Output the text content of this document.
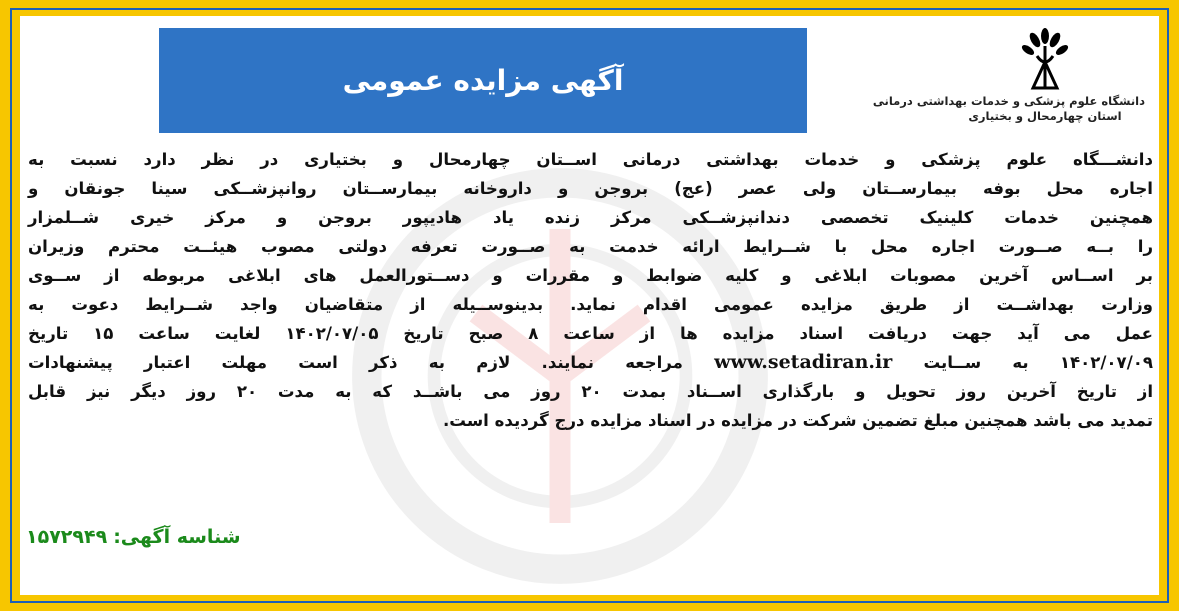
آگهی مزایده عمومی
دانشگاه علوم پزشکی و خدمات بهداشتی درمانی
استان چهارمحال و بختیاری
دانشـــگاه علوم پزشکی و خدمات بهداشتی درمانی اســتان چهارمحال و بختیاری در نظر دارد نسبت به
اجاره محل بوفه بیمارســتان ولی عصر (عج) بروجن و داروخانه بیمارســتان روانپزشــکی سینا جونقان و
همچنین خدمات کلینیک تخصصی دندانپزشــکی مرکز زنده یاد هادیپور بروجن و مرکز خیری شــلمزار
را بــه صــورت اجاره محل با شــرایط ارائه خدمت به صــورت تعرفه دولتی مصوب هیئــت محترم وزیران
بر اســاس آخرین مصوبات ابلاغی و کلیه ضوابط و مقررات و دســتورالعمل های ابلاغی مربوطه از ســوی
وزارت بهداشــت از طریق مزایده عمومی اقدام نماید. بدینوســیله از متقاضیان واجد شــرایط دعوت به
عمل می آید جهت دریافت اسناد مزایده ها از ساعت ۸ صبح تاریخ ۱۴۰۲/۰۷/۰۵ لغایت ساعت ۱۵ تاریخ
۱۴۰۲/۰۷/۰۹ به ســایت www.setadiran.ir مراجعه نمایند. لازم به ذکر است مهلت اعتبار پیشنهادات
از تاریخ آخرین روز تحویل و بارگذاری اســناد بمدت ۲۰ روز می باشــد که به مدت ۲۰ روز دیگر نیز قابل
تمدید می باشد همچنین مبلغ تضمین شرکت در مزایده در اسناد مزایده درج گردیده است.
شناسه آگهی:۱۵۷۲۹۴۹
